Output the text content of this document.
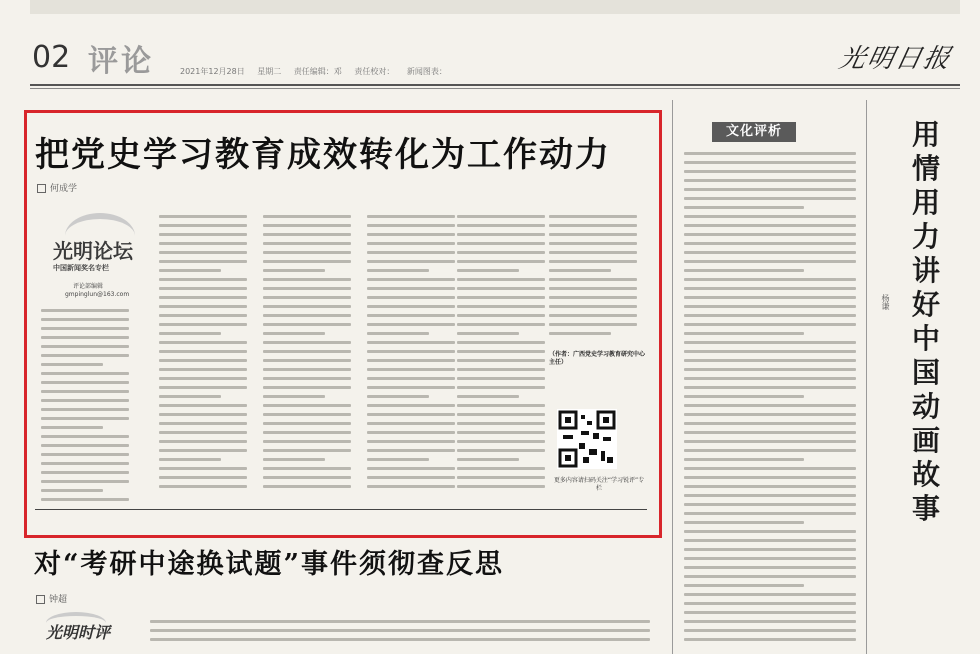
02 评论	2021年12月28日 星期二 责任编辑：邓 责任校对： 新闻图表：	光明日报
把党史学习教育成效转化为工作动力
何成学
光明论坛
中国新闻奖名专栏
评论部编辑
gmpinglun@163.com
（作者：广西党史学习教育研究中心主任）
更多内容请扫码关注“学习锐评”专栏
文化评析	用情用力讲好中国动画故事
杨谦
对“考研中途换试题”事件须彻查反思
钟超
光明时评
